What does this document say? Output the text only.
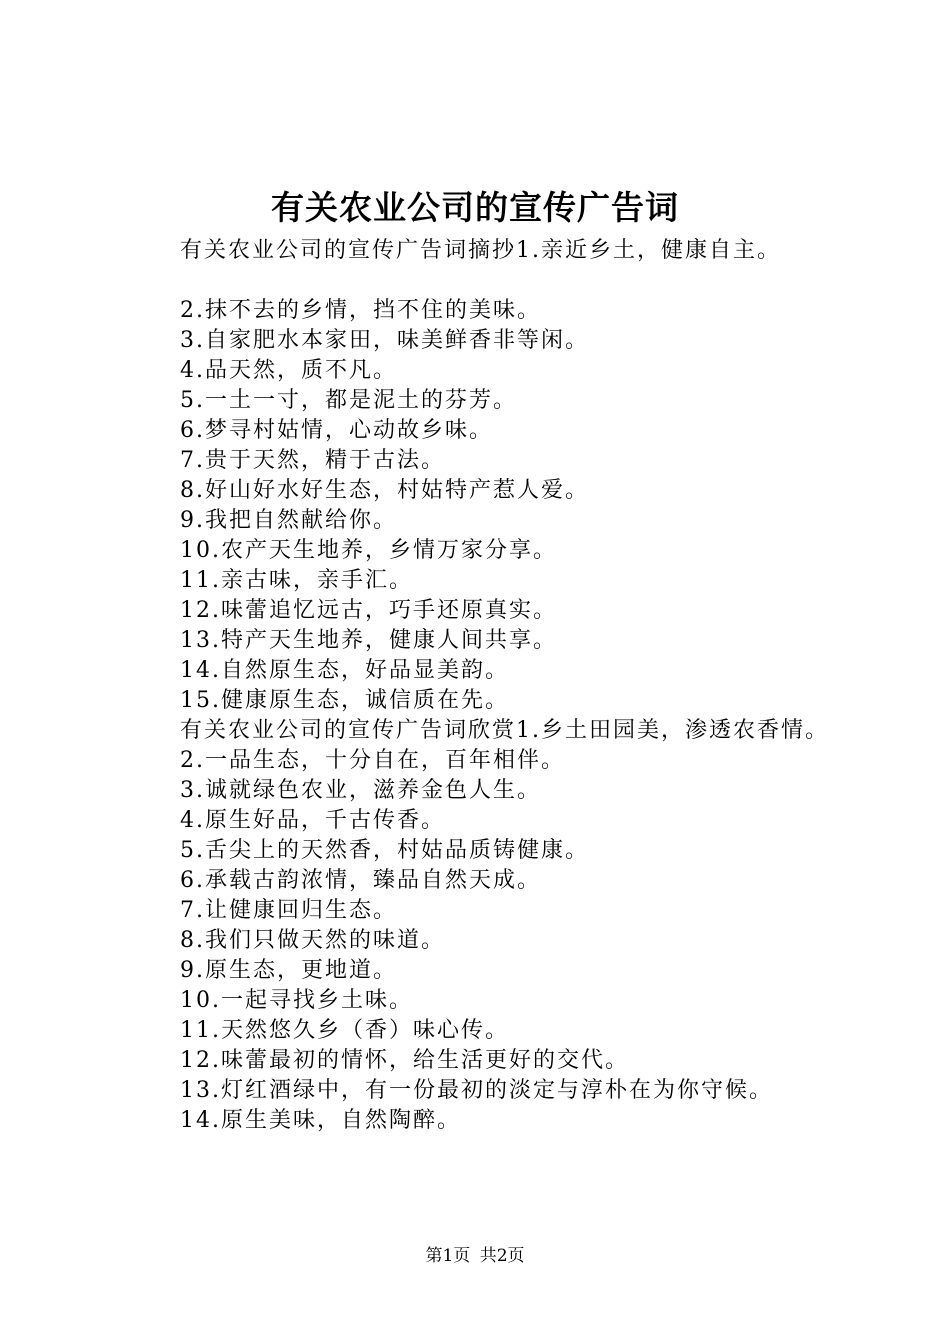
有关农业公司的宣传广告词

有关农业公司的宣传广告词摘抄1.亲近乡土，健康自主。

2.抹不去的乡情，挡不住的美味。

3.自家肥水本家田，味美鲜香非等闲。

4.品天然，质不凡。

5.一土一寸，都是泥土的芬芳。

6.梦寻村姑情，心动故乡味。

7.贵于天然，精于古法。

8.好山好水好生态，村姑特产惹人爱。

9.我把自然献给你。

10.农产天生地养，乡情万家分享。

11.亲古味，亲手汇。

12.味蕾追忆远古，巧手还原真实。

13.特产天生地养，健康人间共享。

14.自然原生态，好品显美韵。

15.健康原生态，诚信质在先。

有关农业公司的宣传广告词欣赏1.乡土田园美，渗透农香情。

2.一品生态，十分自在，百年相伴。

3.诚就绿色农业，滋养金色人生。

4.原生好品，千古传香。

5.舌尖上的天然香，村姑品质铸健康。

6.承载古韵浓情，臻品自然天成。

7.让健康回归生态。

8.我们只做天然的味道。

9.原生态，更地道。

10.一起寻找乡土味。

11.天然悠久乡（香）味心传。

12.味蕾最初的情怀，给生活更好的交代。

13.灯红酒绿中，有一份最初的淡定与淳朴在为你守候。

14.原生美味，自然陶醉。

第1页 共2页
